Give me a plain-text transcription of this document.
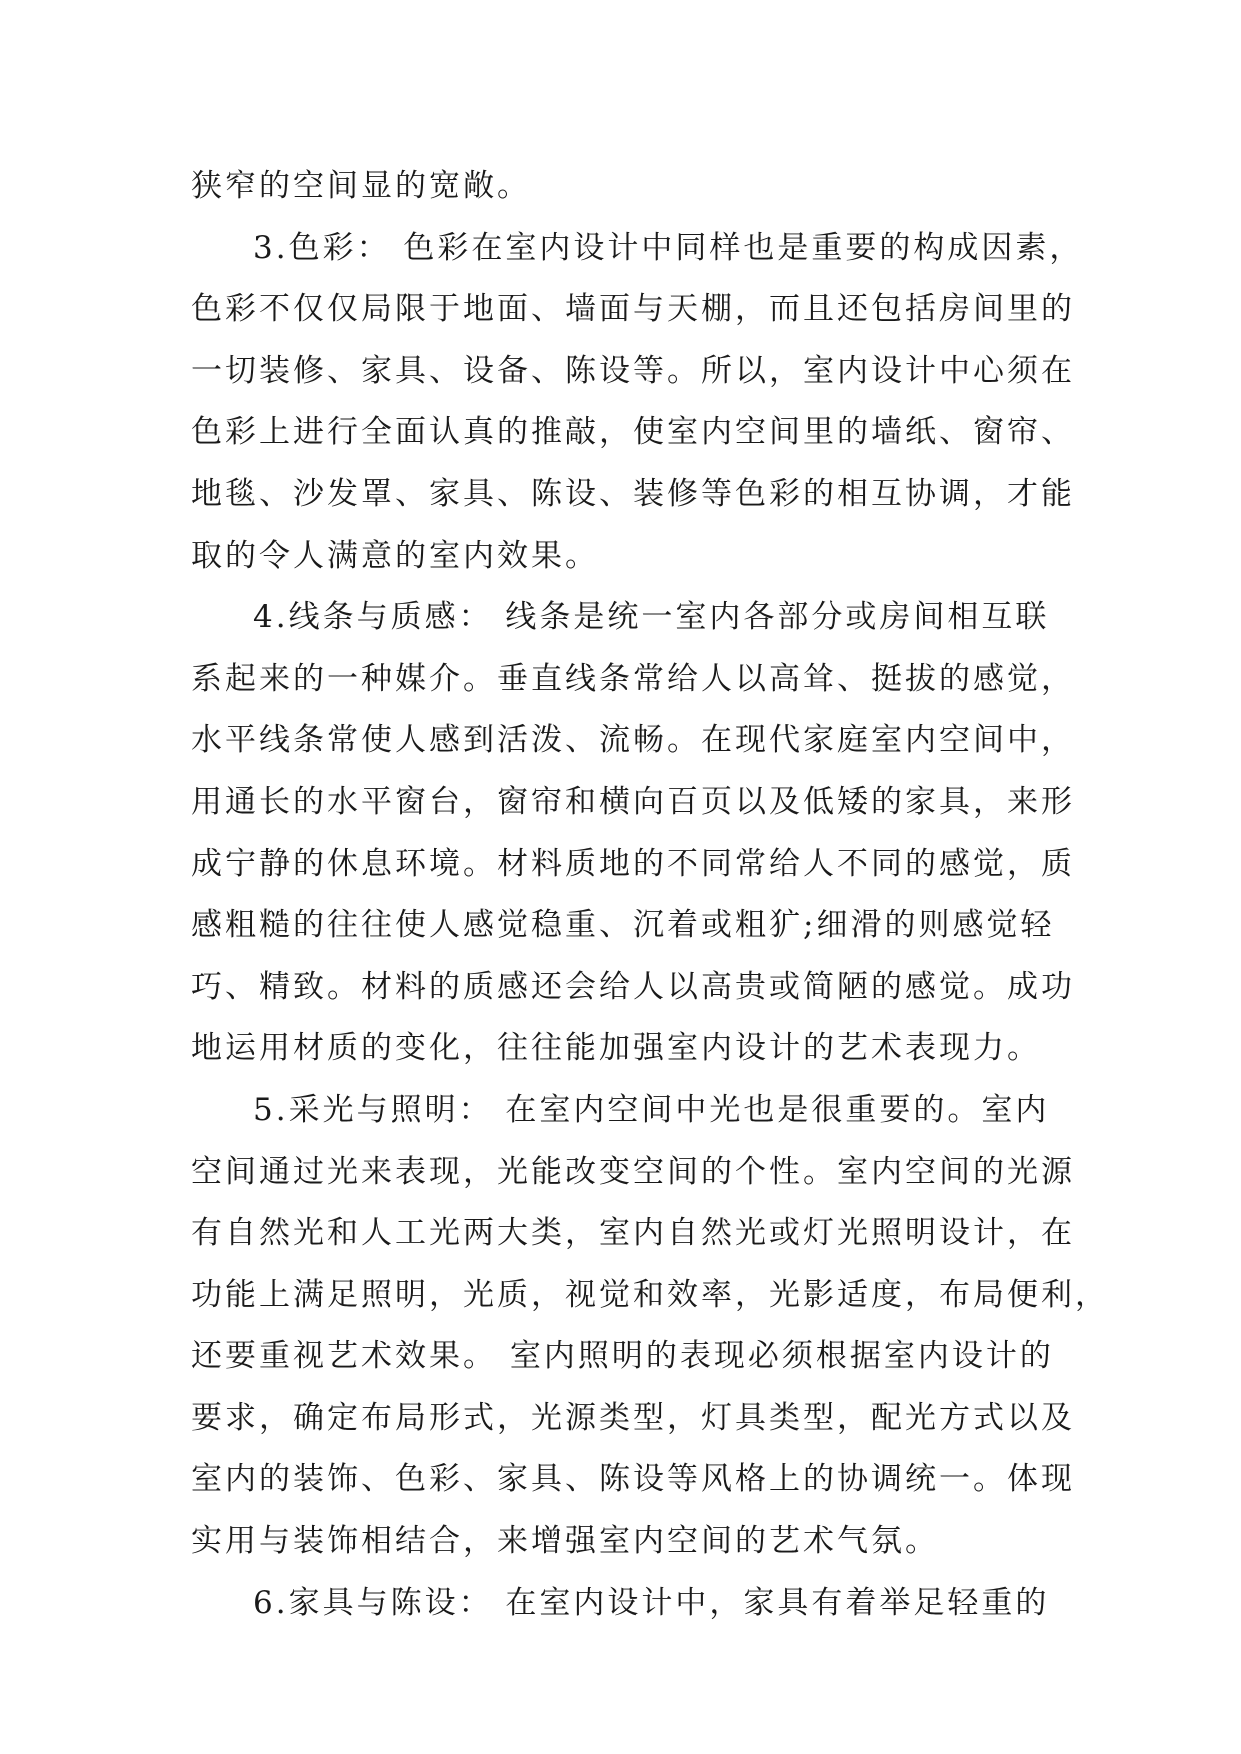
狭窄的空间显的宽敞。
3.色彩： 色彩在室内设计中同样也是重要的构成因素，
色彩不仅仅局限于地面、墙面与天棚，而且还包括房间里的
一切装修、家具、设备、陈设等。所以，室内设计中心须在
色彩上进行全面认真的推敲，使室内空间里的墙纸、窗帘、
地毯、沙发罩、家具、陈设、装修等色彩的相互协调，才能
取的令人满意的室内效果。
4.线条与质感： 线条是统一室内各部分或房间相互联
系起来的一种媒介。垂直线条常给人以高耸、挺拔的感觉，
水平线条常使人感到活泼、流畅。在现代家庭室内空间中，
用通长的水平窗台，窗帘和横向百页以及低矮的家具，来形
成宁静的休息环境。材料质地的不同常给人不同的感觉，质
感粗糙的往往使人感觉稳重、沉着或粗犷;细滑的则感觉轻
巧、精致。材料的质感还会给人以高贵或简陋的感觉。成功
地运用材质的变化，往往能加强室内设计的艺术表现力。
5.采光与照明： 在室内空间中光也是很重要的。室内
空间通过光来表现，光能改变空间的个性。室内空间的光源
有自然光和人工光两大类，室内自然光或灯光照明设计，在
功能上满足照明，光质，视觉和效率，光影适度，布局便利，
还要重视艺术效果。 室内照明的表现必须根据室内设计的
要求，确定布局形式，光源类型，灯具类型，配光方式以及
室内的装饰、色彩、家具、陈设等风格上的协调统一。体现
实用与装饰相结合，来增强室内空间的艺术气氛。
6.家具与陈设： 在室内设计中，家具有着举足轻重的
